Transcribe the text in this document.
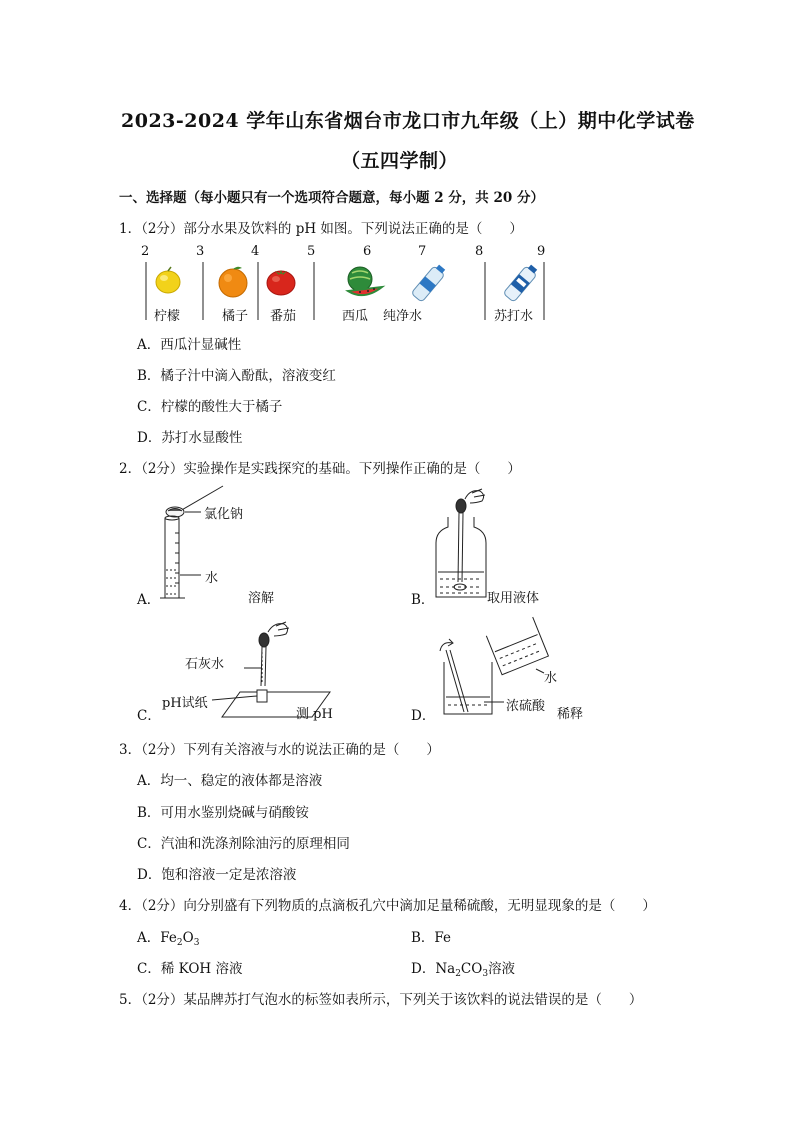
2023-2024 学年山东省烟台市龙口市九年级（上）期中化学试卷
（五四学制）
一、选择题（每小题只有一个选项符合题意，每小题 2 分，共 20 分）
1．（2分）部分水果及饮料的 pH 如图。下列说法正确的是（　　）
2	3	4	5	6	7	8	9
柠檬	橘子 番茄	西瓜 纯净水	苏打水
A．西瓜汁显碱性
B．橘子汁中滴入酚酞，溶液变红
C．柠檬的酸性大于橘子
D．苏打水显酸性
2．（2分）实验操作是实践探究的基础。下列操作正确的是（　　）
氯化钠
水
A．	溶解	B．	取用液体
石灰水
pH试纸
C．	测 pH
水
浓硫酸
D．	稀释
3．（2分）下列有关溶液与水的说法正确的是（　　）
A．均一、稳定的液体都是溶液
B．可用水鉴别烧碱与硝酸铵
C．汽油和洗涤剂除油污的原理相同
D．饱和溶液一定是浓溶液
4．（2分）向分别盛有下列物质的点滴板孔穴中滴加足量稀硫酸，无明显现象的是（　　）
A．$Fe_2O_3$	B．Fe
C．稀 KOH 溶液	D．$Na_2CO_3$溶液
5．（2分）某品牌苏打气泡水的标签如表所示，下列关于该饮料的说法错误的是（　　）
